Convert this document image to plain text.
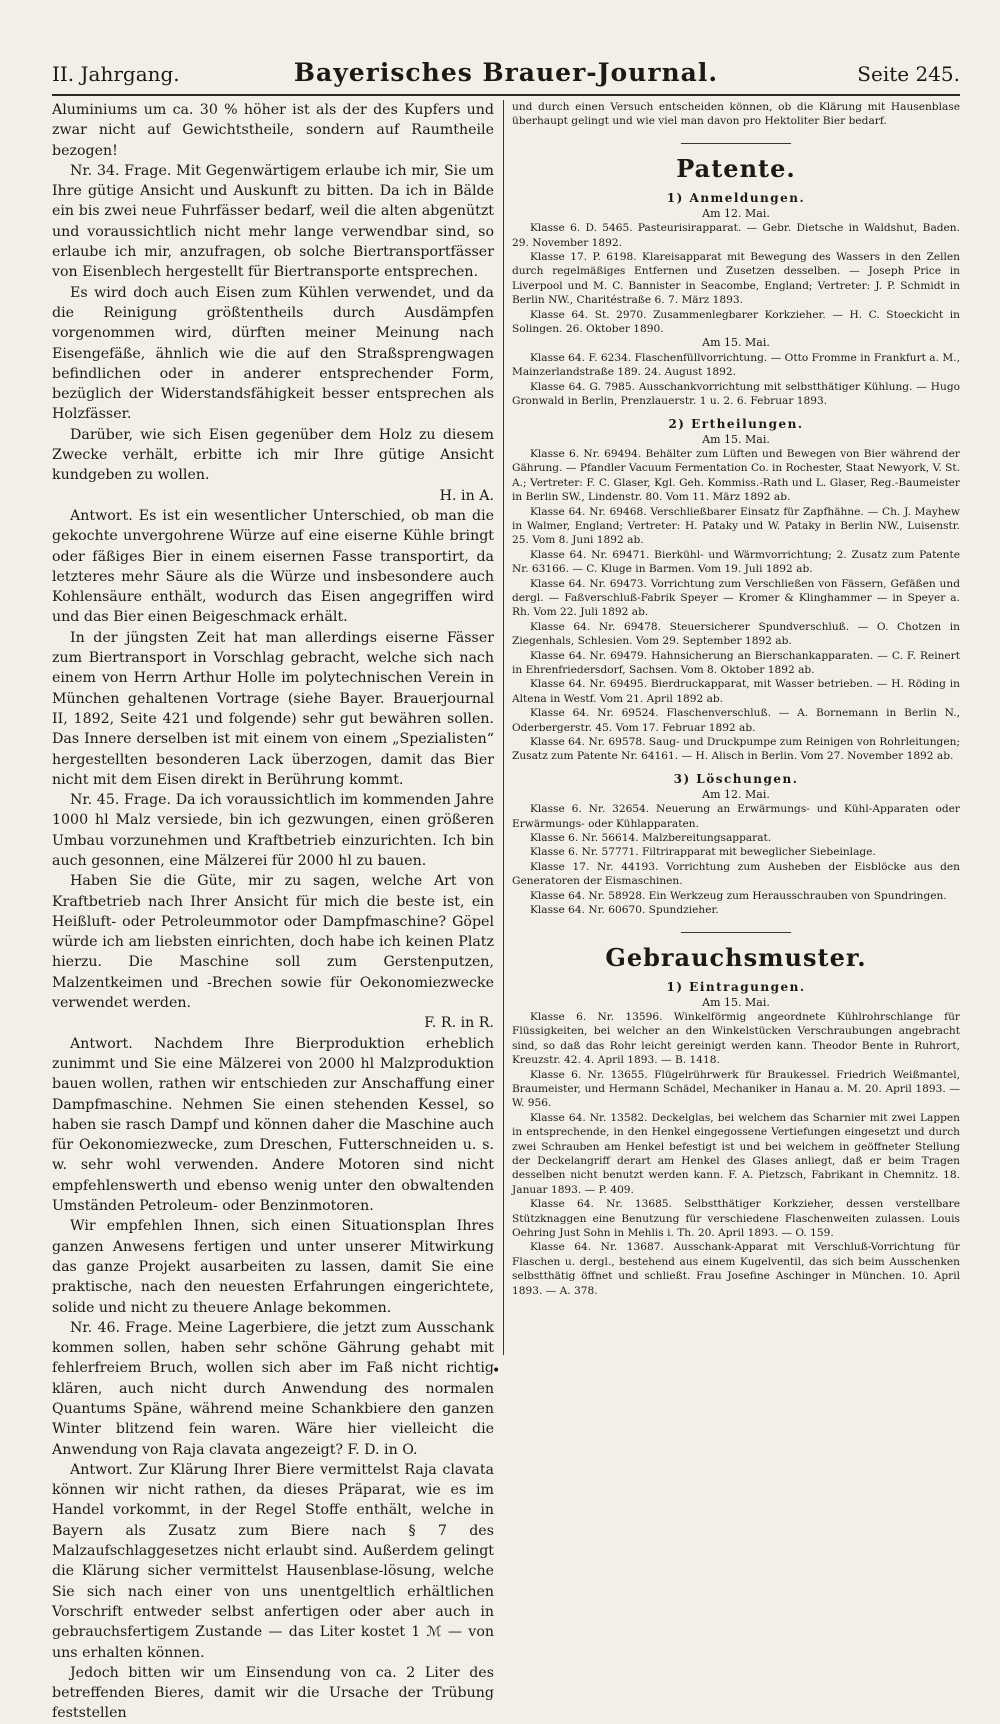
II. Jahrgang.	Bayerisches Brauer-Journal.	Seite 245.

Aluminiums um ca. 30 % höher ist als der des Kupfers und zwar nicht auf Gewichtstheile, sondern auf Raumtheile bezogen!

Nr. 34. Frage. Mit Gegenwärtigem erlaube ich mir, Sie um Ihre gütige Ansicht und Auskunft zu bitten. Da ich in Bälde ein bis zwei neue Fuhrfässer bedarf, weil die alten abgenützt und voraussichtlich nicht mehr lange verwendbar sind, so erlaube ich mir, anzufragen, ob solche Biertransportfässer von Eisenblech hergestellt für Biertransporte entsprechen.

Es wird doch auch Eisen zum Kühlen verwendet, und da die Reinigung größtentheils durch Ausdämpfen vorgenommen wird, dürften meiner Meinung nach Eisengefäße, ähnlich wie die auf den Straßsprengwagen befindlichen oder in anderer entsprechender Form, bezüglich der Widerstandsfähigkeit besser entsprechen als Holzfässer.

Darüber, wie sich Eisen gegenüber dem Holz zu diesem Zwecke verhält, erbitte ich mir Ihre gütige Ansicht kundgeben zu wollen.

H. in A.

Antwort. Es ist ein wesentlicher Unterschied, ob man die gekochte unvergohrene Würze auf eine eiserne Kühle bringt oder fäßiges Bier in einem eisernen Fasse transportirt, da letzteres mehr Säure als die Würze und insbesondere auch Kohlensäure enthält, wodurch das Eisen angegriffen wird und das Bier einen Beigeschmack erhält.

In der jüngsten Zeit hat man allerdings eiserne Fässer zum Biertransport in Vorschlag gebracht, welche sich nach einem von Herrn Arthur Holle im polytechnischen Verein in München gehaltenen Vortrage (siehe Bayer. Brauerjournal II, 1892, Seite 421 und folgende) sehr gut bewähren sollen. Das Innere derselben ist mit einem von einem „Spezialisten“ hergestellten besonderen Lack überzogen, damit das Bier nicht mit dem Eisen direkt in Berührung kommt.

Nr. 45. Frage. Da ich voraussichtlich im kommenden Jahre 1000 hl Malz versiede, bin ich gezwungen, einen größeren Umbau vorzunehmen und Kraftbetrieb einzurichten. Ich bin auch gesonnen, eine Mälzerei für 2000 hl zu bauen.

Haben Sie die Güte, mir zu sagen, welche Art von Kraftbetrieb nach Ihrer Ansicht für mich die beste ist, ein Heißluft- oder Petroleummotor oder Dampfmaschine? Göpel würde ich am liebsten einrichten, doch habe ich keinen Platz hierzu. Die Maschine soll zum Gerstenputzen, Malzentkeimen und -Brechen sowie für Oekonomiezwecke verwendet werden.

F. R. in R.

Antwort. Nachdem Ihre Bierproduktion erheblich zunimmt und Sie eine Mälzerei von 2000 hl Malzproduktion bauen wollen, rathen wir entschieden zur Anschaffung einer Dampfmaschine. Nehmen Sie einen stehenden Kessel, so haben sie rasch Dampf und können daher die Maschine auch für Oekonomiezwecke, zum Dreschen, Futterschneiden u. s. w. sehr wohl verwenden. Andere Motoren sind nicht empfehlenswerth und ebenso wenig unter den obwaltenden Umständen Petroleum- oder Benzinmotoren.

Wir empfehlen Ihnen, sich einen Situationsplan Ihres ganzen Anwesens fertigen und unter unserer Mitwirkung das ganze Projekt ausarbeiten zu lassen, damit Sie eine praktische, nach den neuesten Erfahrungen eingerichtete, solide und nicht zu theuere Anlage bekommen.

Nr. 46. Frage. Meine Lagerbiere, die jetzt zum Ausschank kommen sollen, haben sehr schöne Gährung gehabt mit fehlerfreiem Bruch, wollen sich aber im Faß nicht richtig klären, auch nicht durch Anwendung des normalen Quantums Späne, während meine Schankbiere den ganzen Winter blitzend fein waren. Wäre hier vielleicht die Anwendung von Raja clavata angezeigt? F. D. in O.

Antwort. Zur Klärung Ihrer Biere vermittelst Raja clavata können wir nicht rathen, da dieses Präparat, wie es im Handel vorkommt, in der Regel Stoffe enthält, welche in Bayern als Zusatz zum Biere nach § 7 des Malzaufschlaggesetzes nicht erlaubt sind. Außerdem gelingt die Klärung sicher vermittelst Hausenblase-lösung, welche Sie sich nach einer von uns unentgeltlich erhältlichen Vorschrift entweder selbst anfertigen oder aber auch in gebrauchsfertigem Zustande — das Liter kostet 1 ℳ — von uns erhalten können.

Jedoch bitten wir um Einsendung von ca. 2 Liter des betreffenden Bieres, damit wir die Ursache der Trübung feststellen

und durch einen Versuch entscheiden können, ob die Klärung mit Hausenblase überhaupt gelingt und wie viel man davon pro Hektoliter Bier bedarf.

Patente.
1) Anmeldungen.

Am 12. Mai.

Klasse 6. D. 5465. Pasteurisirapparat. — Gebr. Dietsche in Waldshut, Baden. 29. November 1892.

Klasse 17. P. 6198. Klareisapparat mit Bewegung des Wassers in den Zellen durch regelmäßiges Entfernen und Zusetzen desselben. — Joseph Price in Liverpool und M. C. Bannister in Seacombe, England; Vertreter: J. P. Schmidt in Berlin NW., Charitéstraße 6. 7. März 1893.

Klasse 64. St. 2970. Zusammenlegbarer Korkzieher. — H. C. Stoeckicht in Solingen. 26. Oktober 1890.

Am 15. Mai.

Klasse 64. F. 6234. Flaschenfüllvorrichtung. — Otto Fromme in Frankfurt a. M., Mainzerlandstraße 189. 24. August 1892.

Klasse 64. G. 7985. Ausschankvorrichtung mit selbstthätiger Kühlung. — Hugo Gronwald in Berlin, Prenzlauerstr. 1 u. 2. 6. Februar 1893.

2) Ertheilungen.

Am 15. Mai.

Klasse 6. Nr. 69494. Behälter zum Lüften und Bewegen von Bier während der Gährung. — Pfandler Vacuum Fermentation Co. in Rochester, Staat Newyork, V. St. A.; Vertreter: F. C. Glaser, Kgl. Geh. Kommiss.-Rath und L. Glaser, Reg.-Baumeister in Berlin SW., Lindenstr. 80. Vom 11. März 1892 ab.

Klasse 64. Nr. 69468. Verschließbarer Einsatz für Zapfhähne. — Ch. J. Mayhew in Walmer, England; Vertreter: H. Pataky und W. Pataky in Berlin NW., Luisenstr. 25. Vom 8. Juni 1892 ab.

Klasse 64. Nr. 69471. Bierkühl- und Wärmvorrichtung; 2. Zusatz zum Patente Nr. 63166. — C. Kluge in Barmen. Vom 19. Juli 1892 ab.

Klasse 64. Nr. 69473. Vorrichtung zum Verschließen von Fässern, Gefäßen und dergl. — Faßverschluß-Fabrik Speyer — Kromer & Klinghammer — in Speyer a. Rh. Vom 22. Juli 1892 ab.

Klasse 64. Nr. 69478. Steuersicherer Spundverschluß. — O. Chotzen in Ziegenhals, Schlesien. Vom 29. September 1892 ab.

Klasse 64. Nr. 69479. Hahnsicherung an Bierschankapparaten. — C. F. Reinert in Ehrenfriedersdorf, Sachsen. Vom 8. Oktober 1892 ab.

Klasse 64. Nr. 69495. Bierdruckapparat, mit Wasser betrieben. — H. Röding in Altena in Westf. Vom 21. April 1892 ab.

Klasse 64. Nr. 69524. Flaschenverschluß. — A. Bornemann in Berlin N., Oderbergerstr. 45. Vom 17. Februar 1892 ab.

Klasse 64. Nr. 69578. Saug- und Druckpumpe zum Reinigen von Rohrleitungen; Zusatz zum Patente Nr. 64161. — H. Alisch in Berlin. Vom 27. November 1892 ab.

3) Löschungen.

Am 12. Mai.

Klasse 6. Nr. 32654. Neuerung an Erwärmungs- und Kühl-Apparaten oder Erwärmungs- oder Kühlapparaten.

Klasse 6. Nr. 56614. Malzbereitungsapparat.

Klasse 6. Nr. 57771. Filtrirapparat mit beweglicher Siebeinlage.

Klasse 17. Nr. 44193. Vorrichtung zum Ausheben der Eisblöcke aus den Generatoren der Eismaschinen.

Klasse 64. Nr. 58928. Ein Werkzeug zum Herausschrauben von Spundringen.

Klasse 64. Nr. 60670. Spundzieher.

Gebrauchsmuster.
1) Eintragungen.

Am 15. Mai.

Klasse 6. Nr. 13596. Winkelförmig angeordnete Kühlrohrschlange für Flüssigkeiten, bei welcher an den Winkelstücken Verschraubungen angebracht sind, so daß das Rohr leicht gereinigt werden kann. Theodor Bente in Ruhrort, Kreuzstr. 42. 4. April 1893. — B. 1418.

Klasse 6. Nr. 13655. Flügelrührwerk für Braukessel. Friedrich Weißmantel, Braumeister, und Hermann Schädel, Mechaniker in Hanau a. M. 20. April 1893. — W. 956.

Klasse 64. Nr. 13582. Deckelglas, bei welchem das Scharnier mit zwei Lappen in entsprechende, in den Henkel eingegossene Vertiefungen eingesetzt und durch zwei Schrauben am Henkel befestigt ist und bei welchem in geöffneter Stellung der Deckelangriff derart am Henkel des Glases anliegt, daß er beim Tragen desselben nicht benutzt werden kann. F. A. Pietzsch, Fabrikant in Chemnitz. 18. Januar 1893. — P. 409.

Klasse 64. Nr. 13685. Selbstthätiger Korkzieher, dessen verstellbare Stützknaggen eine Benutzung für verschiedene Flaschenweiten zulassen. Louis Oehring Just Sohn in Mehlis i. Th. 20. April 1893. — O. 159.

Klasse 64. Nr. 13687. Ausschank-Apparat mit Verschluß-Vorrichtung für Flaschen u. dergl., bestehend aus einem Kugelventil, das sich beim Ausschenken selbstthätig öffnet und schließt. Frau Josefine Aschinger in München. 10. April 1893. — A. 378.

•
